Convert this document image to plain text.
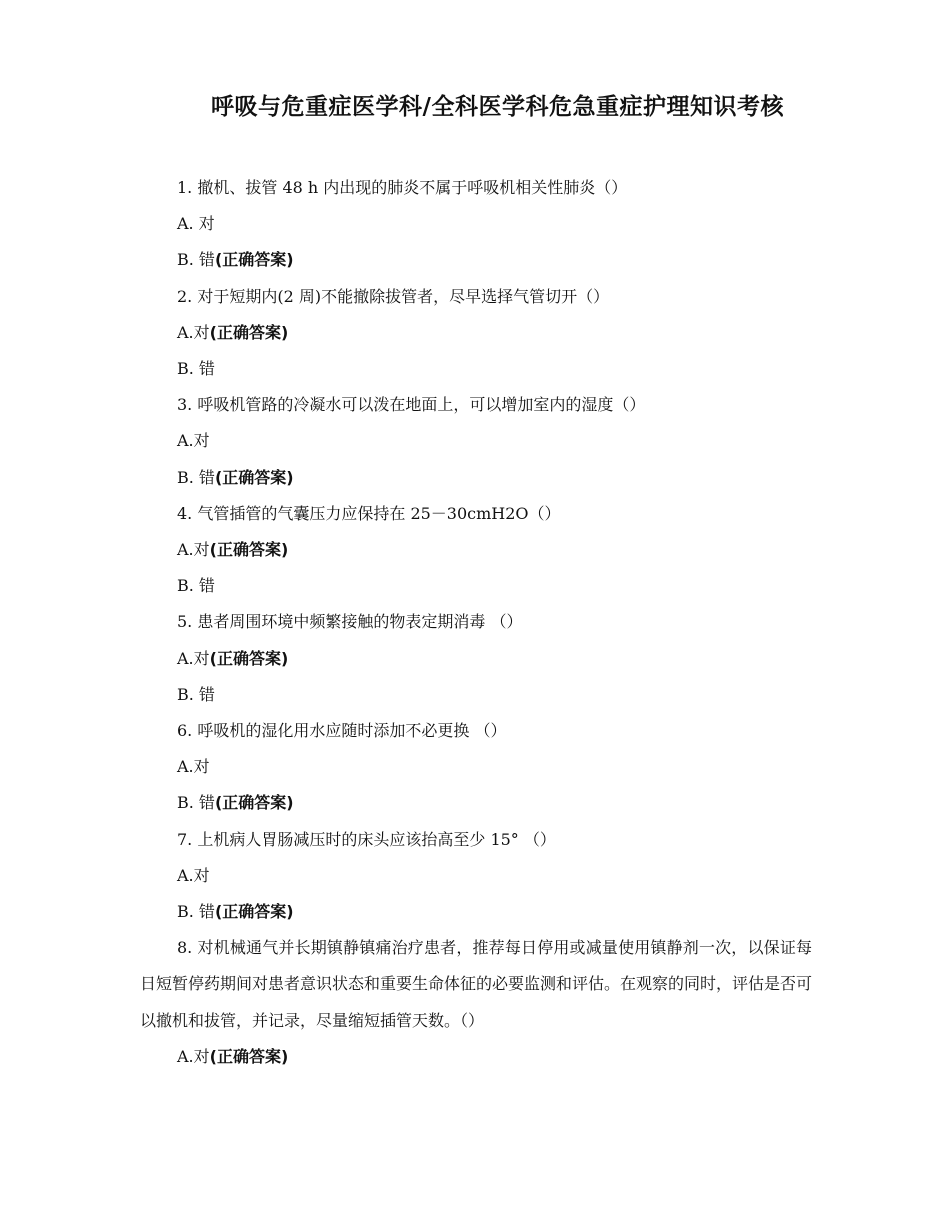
呼吸与危重症医学科/全科医学科危急重症护理知识考核
1. 撤机、拔管 48 h 内出现的肺炎不属于呼吸机相关性肺炎（）
A. 对
B. 错(正确答案)
2. 对于短期内(2 周)不能撤除拔管者，尽早选择气管切开（）
A.对(正确答案)
B. 错
3. 呼吸机管路的冷凝水可以泼在地面上，可以增加室内的湿度（）
A.对
B. 错(正确答案)
4. 气管插管的气囊压力应保持在 25－30cmH2O（）
A.对(正确答案)
B. 错
5. 患者周围环境中频繁接触的物表定期消毒 （）
A.对(正确答案)
B. 错
6. 呼吸机的湿化用水应随时添加不必更换 （）
A.对
B. 错(正确答案)
7. 上机病人胃肠减压时的床头应该抬高至少 15° （）
A.对
B. 错(正确答案)
8. 对机械通气并长期镇静镇痛治疗患者，推荐每日停用或减量使用镇静剂一次，以保证每日短暂停药期间对患者意识状态和重要生命体征的必要监测和评估。在观察的同时，评估是否可以撤机和拔管，并记录，尽量缩短插管天数。（）
A.对(正确答案)
